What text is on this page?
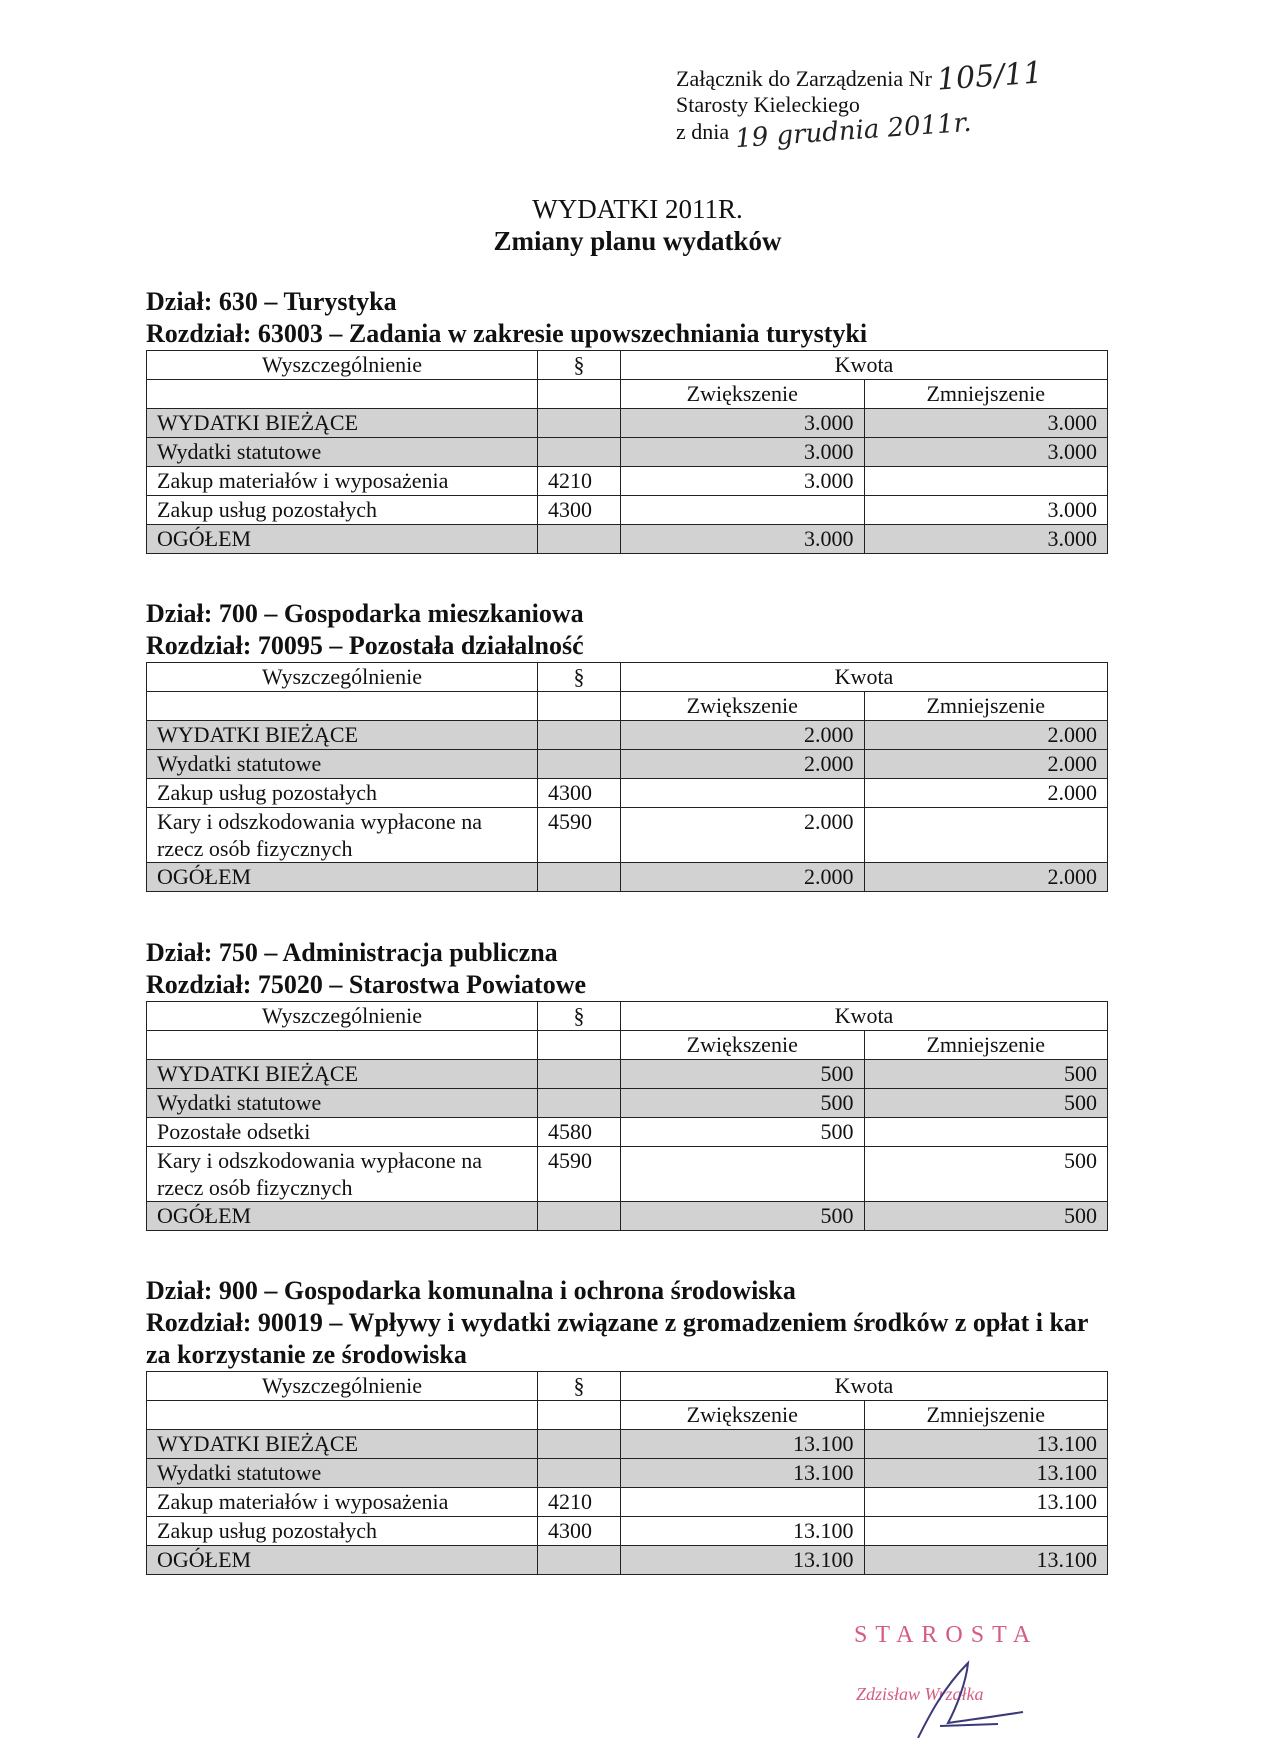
Załącznik do Zarządzenia Nr 105/11
Starosty Kieleckiego
z dnia 19 grudnia 2011r.
WYDATKI 2011R.
Zmiany planu wydatków
Dział: 630 – Turystyka
Rozdział: 63003 – Zadania w zakresie upowszechniania turystyki
Wyszczególnienie	§	Kwota	
		Zwiększenie	Zmniejszenie
WYDATKI BIEŻĄCE		3.000	3.000
Wydatki statutowe		3.000	3.000
Zakup materiałów i wyposażenia	4210	3.000	
Zakup usług pozostałych	4300		3.000
OGÓŁEM		3.000	3.000
Dział: 700 – Gospodarka mieszkaniowa
Rozdział: 70095 – Pozostała działalność
Wyszczególnienie	§	Kwota	
		Zwiększenie	Zmniejszenie
WYDATKI BIEŻĄCE		2.000	2.000
Wydatki statutowe		2.000	2.000
Zakup usług pozostałych	4300		2.000
Kary i odszkodowania wypłacone na rzecz osób fizycznych	4590	2.000	
OGÓŁEM		2.000	2.000
Dział: 750 – Administracja publiczna
Rozdział: 75020 – Starostwa Powiatowe
Wyszczególnienie	§	Kwota	
		Zwiększenie	Zmniejszenie
WYDATKI BIEŻĄCE		500	500
Wydatki statutowe		500	500
Pozostałe odsetki	4580	500	
Kary i odszkodowania wypłacone na rzecz osób fizycznych	4590		500
OGÓŁEM		500	500
Dział: 900 – Gospodarka komunalna i ochrona środowiska
Rozdział: 90019 – Wpływy i wydatki związane z gromadzeniem środków z opłat i kar za korzystanie ze środowiska
Wyszczególnienie	§	Kwota	
		Zwiększenie	Zmniejszenie
WYDATKI BIEŻĄCE		13.100	13.100
Wydatki statutowe		13.100	13.100
Zakup materiałów i wyposażenia	4210		13.100
Zakup usług pozostałych	4300	13.100	
OGÓŁEM		13.100	13.100
STAROSTA
Zdzisław Wrzałka
